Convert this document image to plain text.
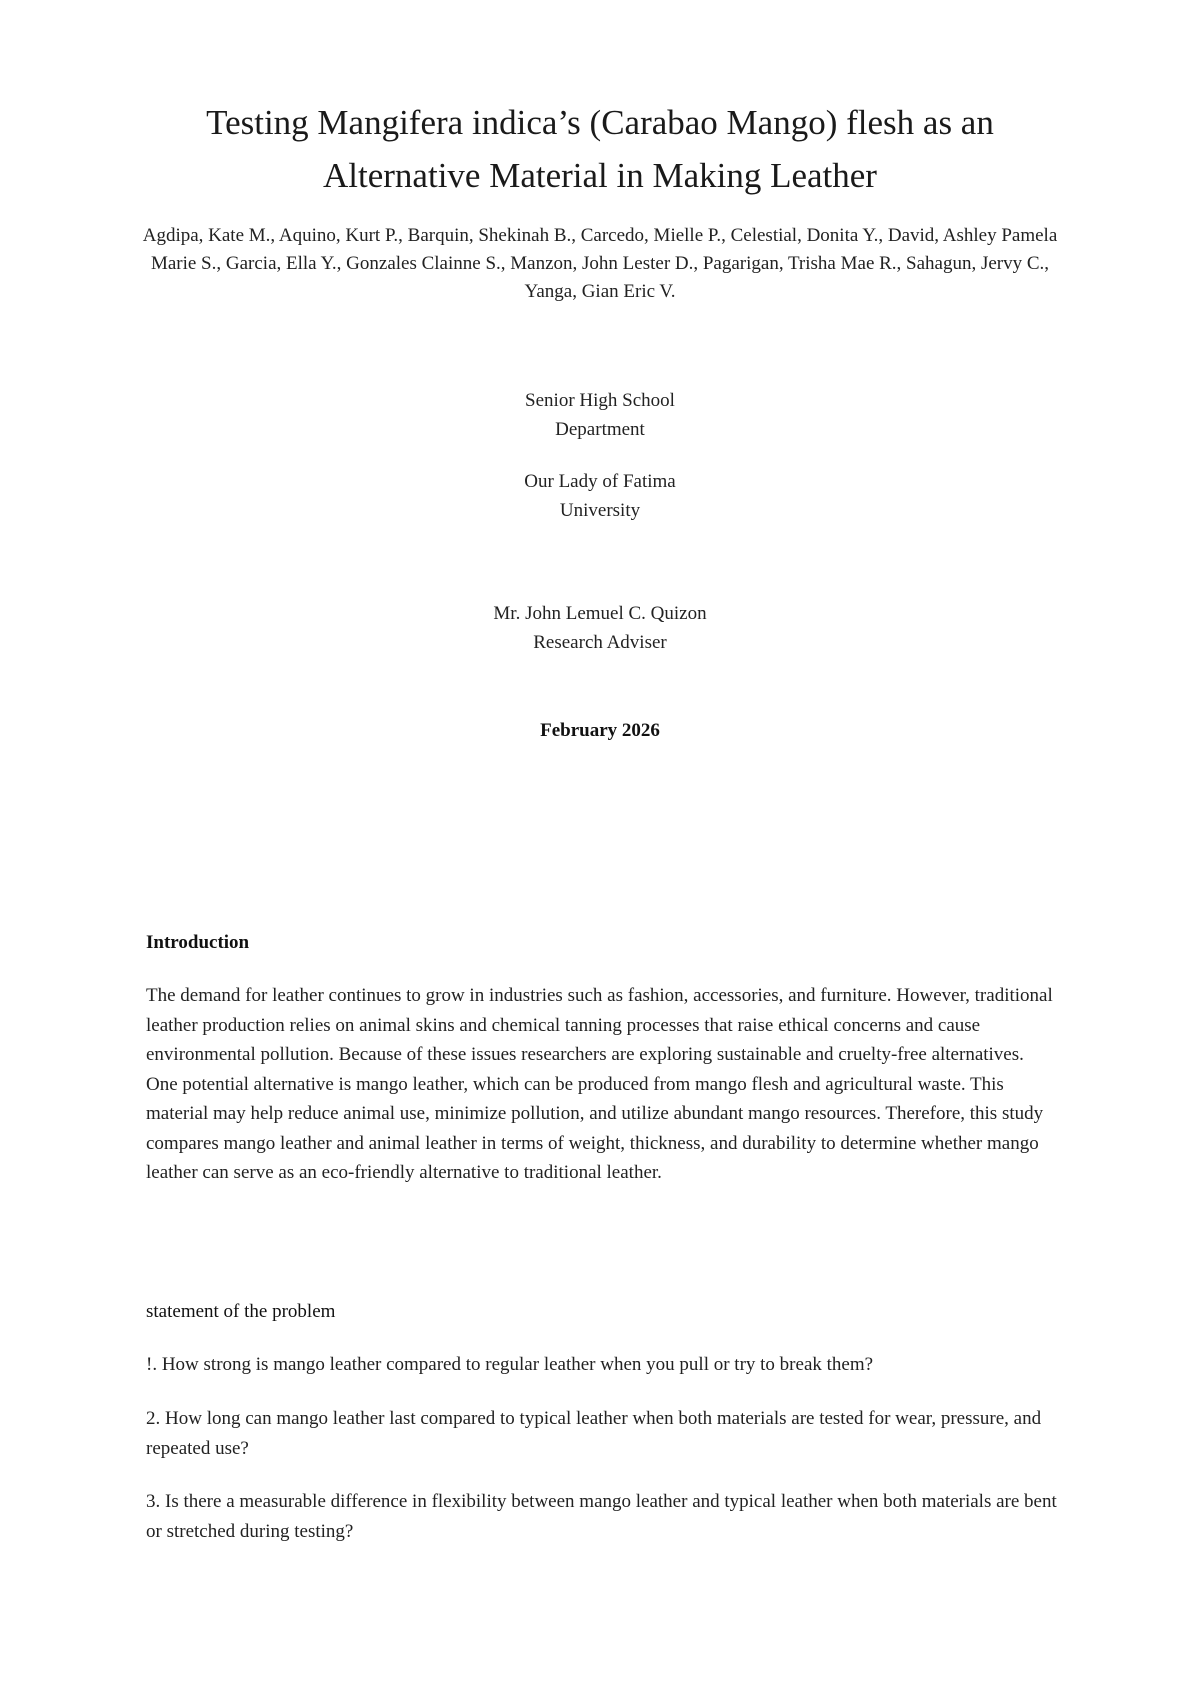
Testing Mangifera indica’s (Carabao Mango) flesh as an
Alternative Material in Making Leather

Agdipa, Kate M., Aquino, Kurt P., Barquin, Shekinah B., Carcedo, Mielle P., Celestial, Donita Y., David, Ashley Pamela Marie S., Garcia, Ella Y., Gonzales Clainne S., Manzon, John Lester D., Pagarigan, Trisha Mae R., Sahagun, Jervy C., Yanga, Gian Eric V.

Senior High School
Department

Our Lady of Fatima
University

Mr. John Lemuel C. Quizon
Research Adviser

February 2026

Introduction

The demand for leather continues to grow in industries such as fashion, accessories, and furniture. However, traditional leather production relies on animal skins and chemical tanning processes that raise ethical concerns and cause environmental pollution. Because of these issues researchers are exploring sustainable and cruelty-free alternatives. One potential alternative is mango leather, which can be produced from mango flesh and agricultural waste. This material may help reduce animal use, minimize pollution, and utilize abundant mango resources. Therefore, this study compares mango leather and animal leather in terms of weight, thickness, and durability to determine whether mango leather can serve as an eco-friendly alternative to traditional leather.

statement of the problem

!. How strong is mango leather compared to regular leather when you pull or try to break them?

2. How long can mango leather last compared to typical leather when both materials are tested for wear, pressure, and repeated use?

3. Is there a measurable difference in flexibility between mango leather and typical leather when both materials are bent or stretched during testing?
